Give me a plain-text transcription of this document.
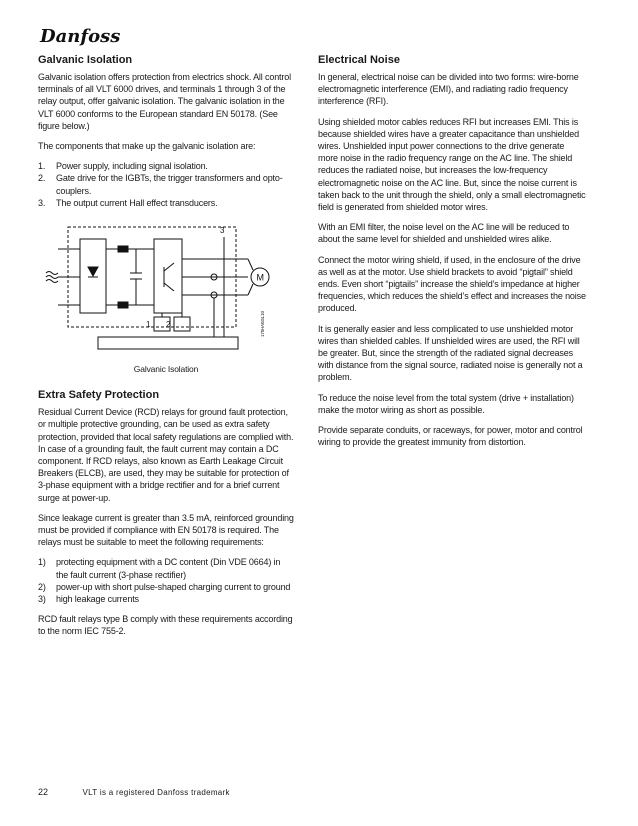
Danfoss
Galvanic Isolation

Galvanic isolation offers protection from electrics shock. All control terminals of all VLT 6000 drives, and terminals 1 through 3 of the relay output, offer galvanic isolation. The galvanic isolation in the VLT 6000 conforms to the European standard EN 50178. (See figure below.)

The components that make up the galvanic isolation are:

1. Power supply, including signal isolation.
2. Gate drive for the IGBTs, the trigger transformers and opto-couplers.
3. The output current Hall effect transducers.
M
1 2
3
175HA034.10

Galvanic Isolation

Extra Safety Protection

Residual Current Device (RCD) relays for ground fault protection, or multiple protective grounding, can be used as extra safety protection, provided that local safety regulations are complied with. In case of a grounding fault, the fault current may contain a DC component. If RCD relays, also known as Earth Leakage Circuit Breakers (ELCB), are used, they may be suitable for protection of 3-phase equipment with a bridge rectifier and for a brief current surge at power-up.

Since leakage current is greater than 3.5 mA, reinforced grounding must be provided if compliance with EN 50178 is required. The relays must be suitable to meet the following requirements:

1) protecting equipment with a DC content (Din VDE 0664) in the fault current (3-phase rectifier)
2) power-up with short pulse-shaped charging current to ground
3) high leakage currents

RCD fault relays type B comply with these requirements according to the norm IEC 755-2.

Electrical Noise

In general, electrical noise can be divided into two forms: wire-borne electromagnetic interference (EMI), and radiating radio frequency interference (RFI).

Using shielded motor cables reduces RFI but increases EMI. This is because shielded wires have a greater capacitance than unshielded wires. Unshielded input power connections to the drive generate more noise in the radio frequency range on the AC line. The shield reduces the radiated noise, but increases the low-frequency electromagnetic noise on the AC line. But, since the noise current is taken back to the unit through the shield, only a small electromagnetic field is generated from shielded motor wires.

With an EMI filter, the noise level on the AC line will be reduced to about the same level for shielded and unshielded wires alike.

Connect the motor wiring shield, if used, in the enclosure of the drive as well as at the motor. Use shield brackets to avoid “pigtail” shield ends. Even short “pigtails” increase the shield’s impedance at higher frequencies, which reduces the shield’s effect and increases the noise produced.

It is generally easier and less complicated to use unshielded motor wires than shielded cables. If unshielded wires are used, the RFI will be greater. But, since the strength of the radiated signal decreases with distance from the signal source, radiated noise is generally not a problem.

To reduce the noise level from the total system (drive + installation) make the motor wiring as short as possible.

Provide separate conduits, or raceways, for power, motor and control wiring to provide the greatest immunity from distortion.

22	VLT is a registered Danfoss trademark
